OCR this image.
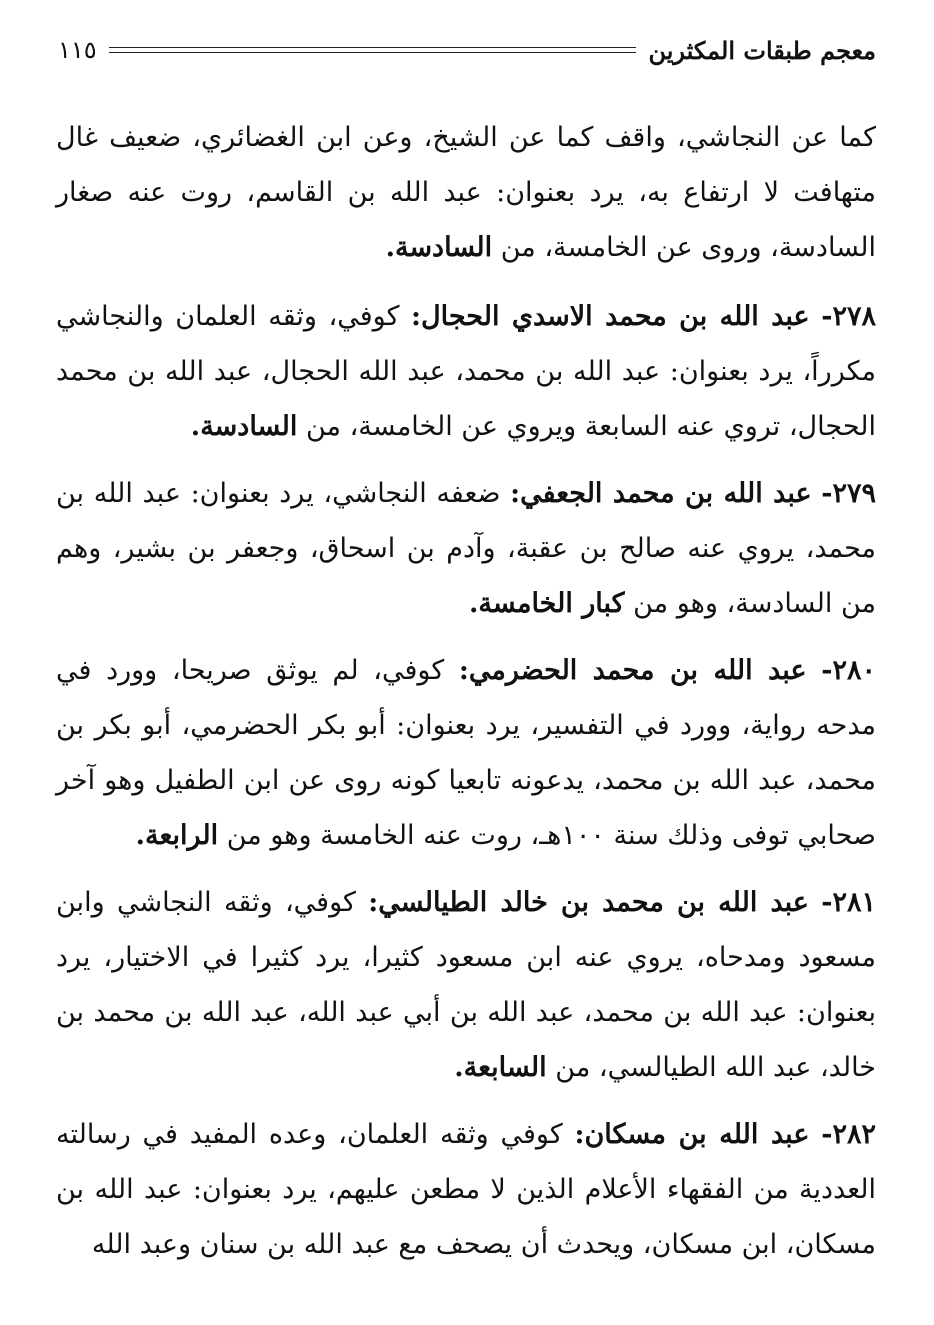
معجم طبقات المكثرين
١١٥

كما عن النجاشي، واقف كما عن الشيخ، وعن ابن الغضائري، ضعيف غال متهافت لا ارتفاع به، يرد بعنوان: عبد الله بن القاسم، روت عنه صغار السادسة، وروى عن الخامسة، من السادسة.

٢٧٨- عبد الله بن محمد الاسدي الحجال: كوفي، وثقه العلمان والنجاشي مكرراً، يرد بعنوان: عبد الله بن محمد، عبد الله الحجال، عبد الله بن محمد الحجال، تروي عنه السابعة ويروي عن الخامسة، من السادسة.

٢٧٩- عبد الله بن محمد الجعفي: ضعفه النجاشي، يرد بعنوان: عبد الله بن محمد، يروي عنه صالح بن عقبة، وآدم بن اسحاق، وجعفر بن بشير، وهم من السادسة، وهو من كبار الخامسة.

٢٨٠- عبد الله بن محمد الحضرمي: كوفي، لم يوثق صريحا، وورد في مدحه رواية، وورد في التفسير، يرد بعنوان: أبو بكر الحضرمي، أبو بكر بن محمد، عبد الله بن محمد، يدعونه تابعيا كونه روى عن ابن الطفيل وهو آخر صحابي توفى وذلك سنة ١٠٠هـ، روت عنه الخامسة وهو من الرابعة.

٢٨١- عبد الله بن محمد بن خالد الطيالسي: كوفي، وثقه النجاشي وابن مسعود ومدحاه، يروي عنه ابن مسعود كثيرا، يرد كثيرا في الاختيار، يرد بعنوان: عبد الله بن محمد، عبد الله بن أبي عبد الله، عبد الله بن محمد بن خالد، عبد الله الطيالسي، من السابعة.

٢٨٢- عبد الله بن مسكان: كوفي وثقه العلمان، وعده المفيد في رسالته العددية من الفقهاء الأعلام الذين لا مطعن عليهم، يرد بعنوان: عبد الله بن مسكان، ابن مسكان، ويحدث أن يصحف مع عبد الله بن سنان وعبد الله
